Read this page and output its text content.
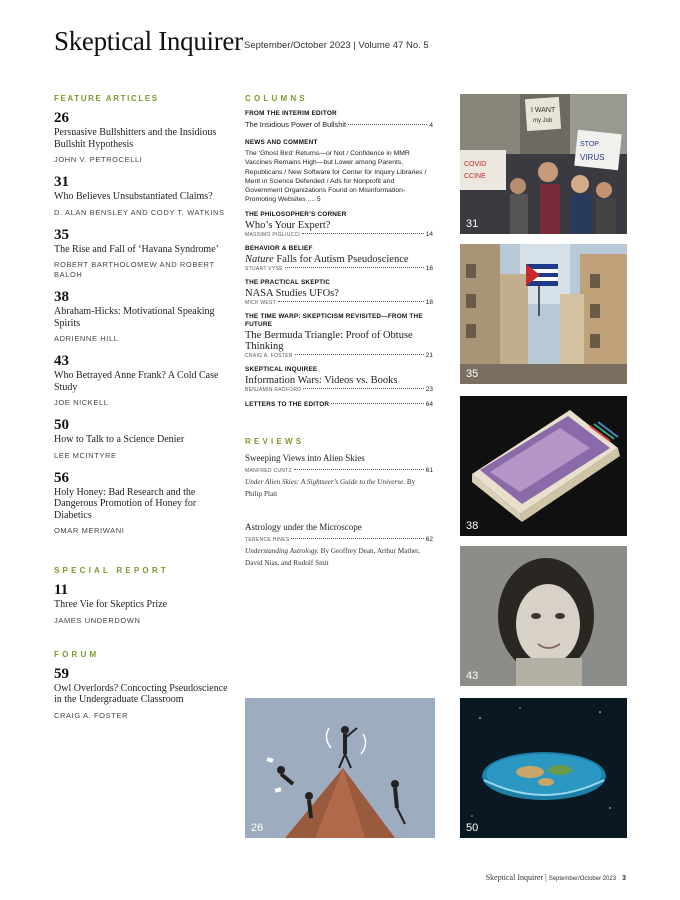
Skeptical Inquirer September/October 2023 | Volume 47 No. 5
FEATURE ARTICLES
26
Persuasive Bullshitters and the Insidious Bullshit Hypothesis
JOHN V. PETROCELLI
31
Who Believes Unsubstantiated Claims?
D. ALAN BENSLEY AND CODY T. WATKINS
35
The Rise and Fall of ‘Havana Syndrome’
ROBERT BARTHOLOMEW AND ROBERT BALOH
38
Abraham-Hicks: Motivational Speaking Spirits
ADRIENNE HILL
43
Who Betrayed Anne Frank? A Cold Case Study
JOE NICKELL
50
How to Talk to a Science Denier
LEE MCINTYRE
56
Holy Honey: Bad Research and the Dangerous Promotion of Honey for Diabetics
OMAR MERIWANI
SPECIAL REPORT
11
Three Vie for Skeptics Prize
JAMES UNDERDOWN
FORUM
59
Owl Overlords? Concocting Pseudoscience in the Undergraduate Classroom
CRAIG A. FOSTER
COLUMNS
FROM THE INTERIM EDITOR
The Insidious Power of Bullshit	4
NEWS AND COMMENT
The ‘Ghost Bird’ Returns—or Not / Confidence in MMR Vaccines Remains High—but Lower among Parents, Republicans / New Software for Center for Inquiry Libraries / Merit in Science Defended / Ads for Nonprofit and Government Organizations Found on Misinformation-Promoting Websites .... 5
THE PHILOSOPHER’S CORNER
Who’s Your Expert?
MASSIMO PIGLIUCCI	14
BEHAVIOR & BELIEF
Nature Falls for Autism Pseudoscience
STUART VYSE	16
THE PRACTICAL SKEPTIC
NASA Studies UFOs?
MICK WEST	18
THE TIME WARP: SKEPTICISM REVISITED—FROM THE FUTURE
The Bermuda Triangle: Proof of Obtuse Thinking
CRAIG A. FOSTER	21
SKEPTICAL INQUIREE
Information Wars: Videos vs. Books
BENJAMIN RADFORD	23
LETTERS TO THE EDITOR	64
REVIEWS
Sweeping Views into Alien Skies
MANFRED CUNTZ	61
Under Alien Skies: A Sightseer’s Guide to the Universe. By Philip Plait
Astrology under the Microscope
TERENCE HINES	62
Understanding Astrology. By Geoffrey Dean, Arthur Mather, David Nias, and Rudolf Smit
I WANT
my Job
STOP
VIRUS
COVID
CCINE
31
35
38
43
26	50
Skeptical Inquirer | September/October 2023 3
